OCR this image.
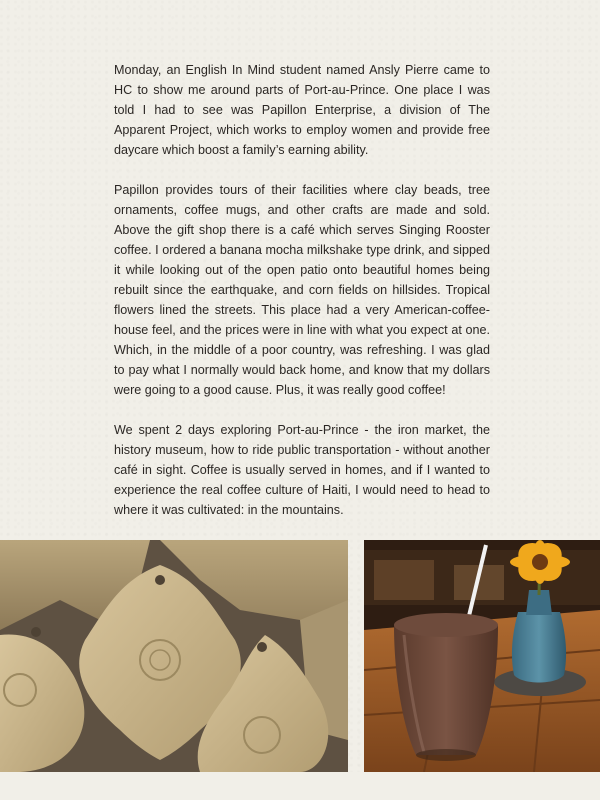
Monday, an English In Mind student named Ansly Pierre came to HC to show me around parts of Port-au-Prince. One place I was told I had to see was Papillon Enterprise, a division of The Apparent Project, which works to employ women and provide free daycare which boost a family’s earning ability.

Papillon provides tours of their facilities where clay beads, tree ornaments, coffee mugs, and other crafts are made and sold. Above the gift shop there is a café which serves Singing Rooster coffee. I ordered a banana mocha milkshake type drink, and sipped it while looking out of the open patio onto beautiful homes being rebuilt since the earthquake, and corn fields on hillsides. Tropical flowers lined the streets. This place had a very American-coffee-house feel, and the prices were in line with what you expect at one. Which, in the middle of a poor country, was refreshing. I was glad to pay what I normally would back home, and know that my dollars were going to a good cause. Plus, it was really good coffee!

We spent 2 days exploring Port-au-Prince - the iron market, the history museum, how to ride public transportation - without another café in sight. Coffee is usually served in homes, and if I wanted to experience the real coffee culture of Haiti, I would need to head to where it was cultivated: in the mountains.
